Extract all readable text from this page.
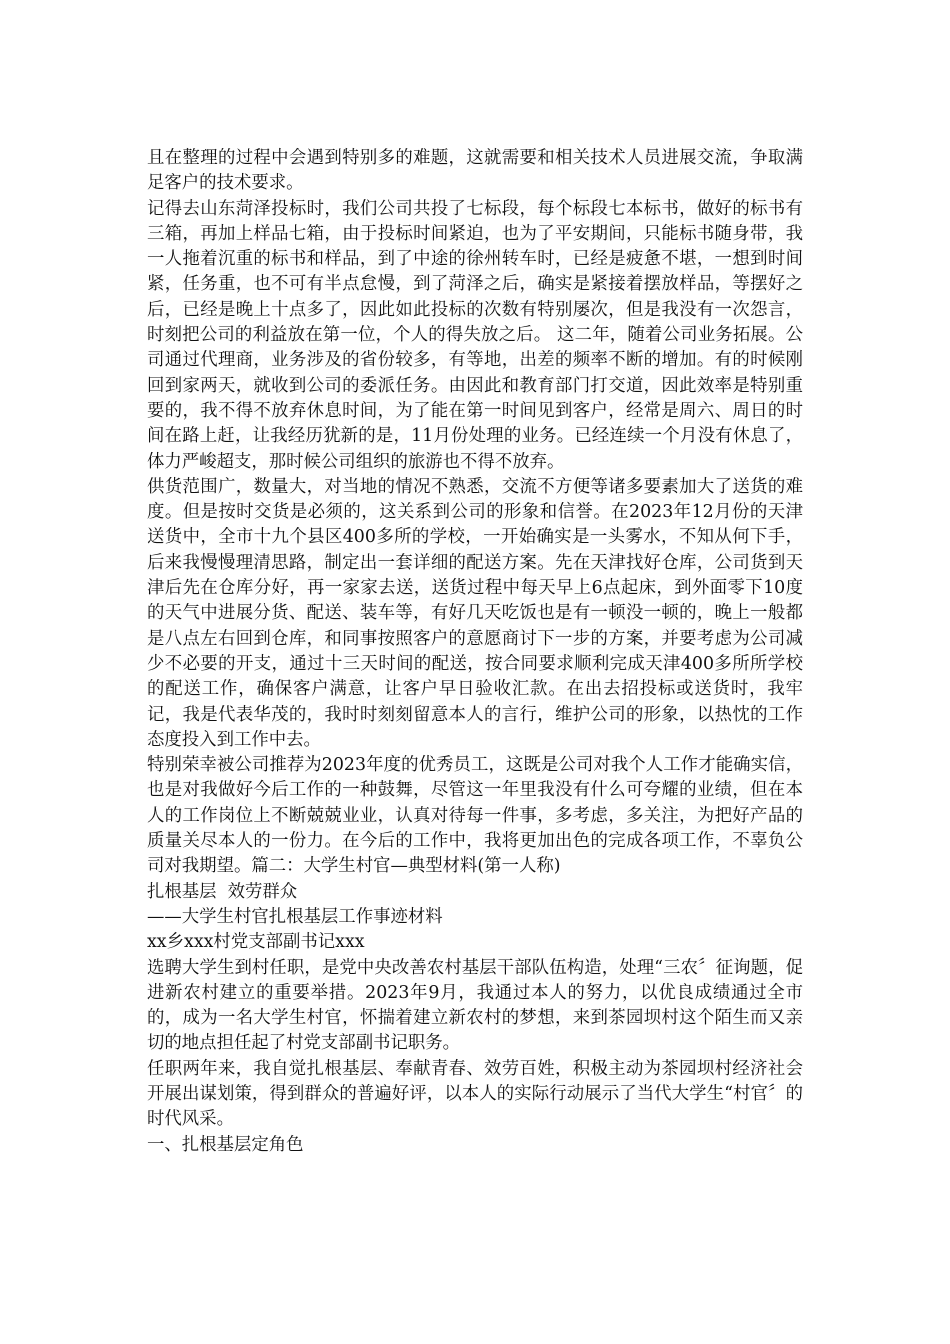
且在整理的过程中会遇到特别多的难题，这就需要和相关技术人员进展交流，争取满足客户的技术要求。

记得去山东菏泽投标时，我们公司共投了七标段，每个标段七本标书，做好的标书有三箱，再加上样品七箱，由于投标时间紧迫，也为了平安期间，只能标书随身带，我一人拖着沉重的标书和样品，到了中途的徐州转车时，已经是疲惫不堪，一想到时间紧，任务重，也不可有半点怠慢，到了菏泽之后，确实是紧接着摆放样品，等摆好之后，已经是晚上十点多了，因此如此投标的次数有特别屡次，但是我没有一次怨言，时刻把公司的利益放在第一位，个人的得失放之后。 这二年，随着公司业务拓展。公司通过代理商，业务涉及的省份较多，有等地，出差的频率不断的增加。有的时候刚回到家两天，就收到公司的委派任务。由因此和教育部门打交道，因此效率是特别重要的，我不得不放弃休息时间，为了能在第一时间见到客户，经常是周六、周日的时间在路上赶，让我经历犹新的是，11月份处理的业务。已经连续一个月没有休息了，体力严峻超支，那时候公司组织的旅游也不得不放弃。

供货范围广，数量大，对当地的情况不熟悉，交流不方便等诸多要素加大了送货的难度。但是按时交货是必须的，这关系到公司的形象和信誉。在2023年12月份的天津送货中，全市十九个县区400多所的学校，一开始确实是一头雾水，不知从何下手，后来我慢慢理清思路，制定出一套详细的配送方案。先在天津找好仓库，公司货到天津后先在仓库分好，再一家家去送，送货过程中每天早上6点起床，到外面零下10度的天气中进展分货、配送、装车等，有好几天吃饭也是有一顿没一顿的，晚上一般都是八点左右回到仓库，和同事按照客户的意愿商讨下一步的方案，并要考虑为公司减少不必要的开支，通过十三天时间的配送，按合同要求顺利完成天津400多所所学校的配送工作，确保客户满意，让客户早日验收汇款。在出去招投标或送货时，我牢记，我是代表华茂的，我时时刻刻留意本人的言行，维护公司的形象，以热忱的工作态度投入到工作中去。

特别荣幸被公司推荐为2023年度的优秀员工，这既是公司对我个人工作才能确实信，也是对我做好今后工作的一种鼓舞，尽管这一年里我没有什么可夸耀的业绩，但在本人的工作岗位上不断兢兢业业，认真对待每一件事，多考虑，多关注，为把好产品的质量关尽本人的一份力。在今后的工作中，我将更加出色的完成各项工作，不辜负公司对我期望。篇二：大学生村官—典型材料(第一人称)

扎根基层  效劳群众

——大学生村官扎根基层工作事迹材料

xx乡xxx村党支部副书记xxx

选聘大学生到村任职，是党中央改善农村基层干部队伍构造，处理“三农〞征询题，促进新农村建立的重要举措。2023年9月，我通过本人的努力，以优良成绩通过全市的，成为一名大学生村官，怀揣着建立新农村的梦想，来到茶园坝村这个陌生而又亲切的地点担任起了村党支部副书记职务。

任职两年来，我自觉扎根基层、奉献青春、效劳百姓，积极主动为茶园坝村经济社会开展出谋划策，得到群众的普遍好评，以本人的实际行动展示了当代大学生“村官〞的时代风采。

一、扎根基层定角色
